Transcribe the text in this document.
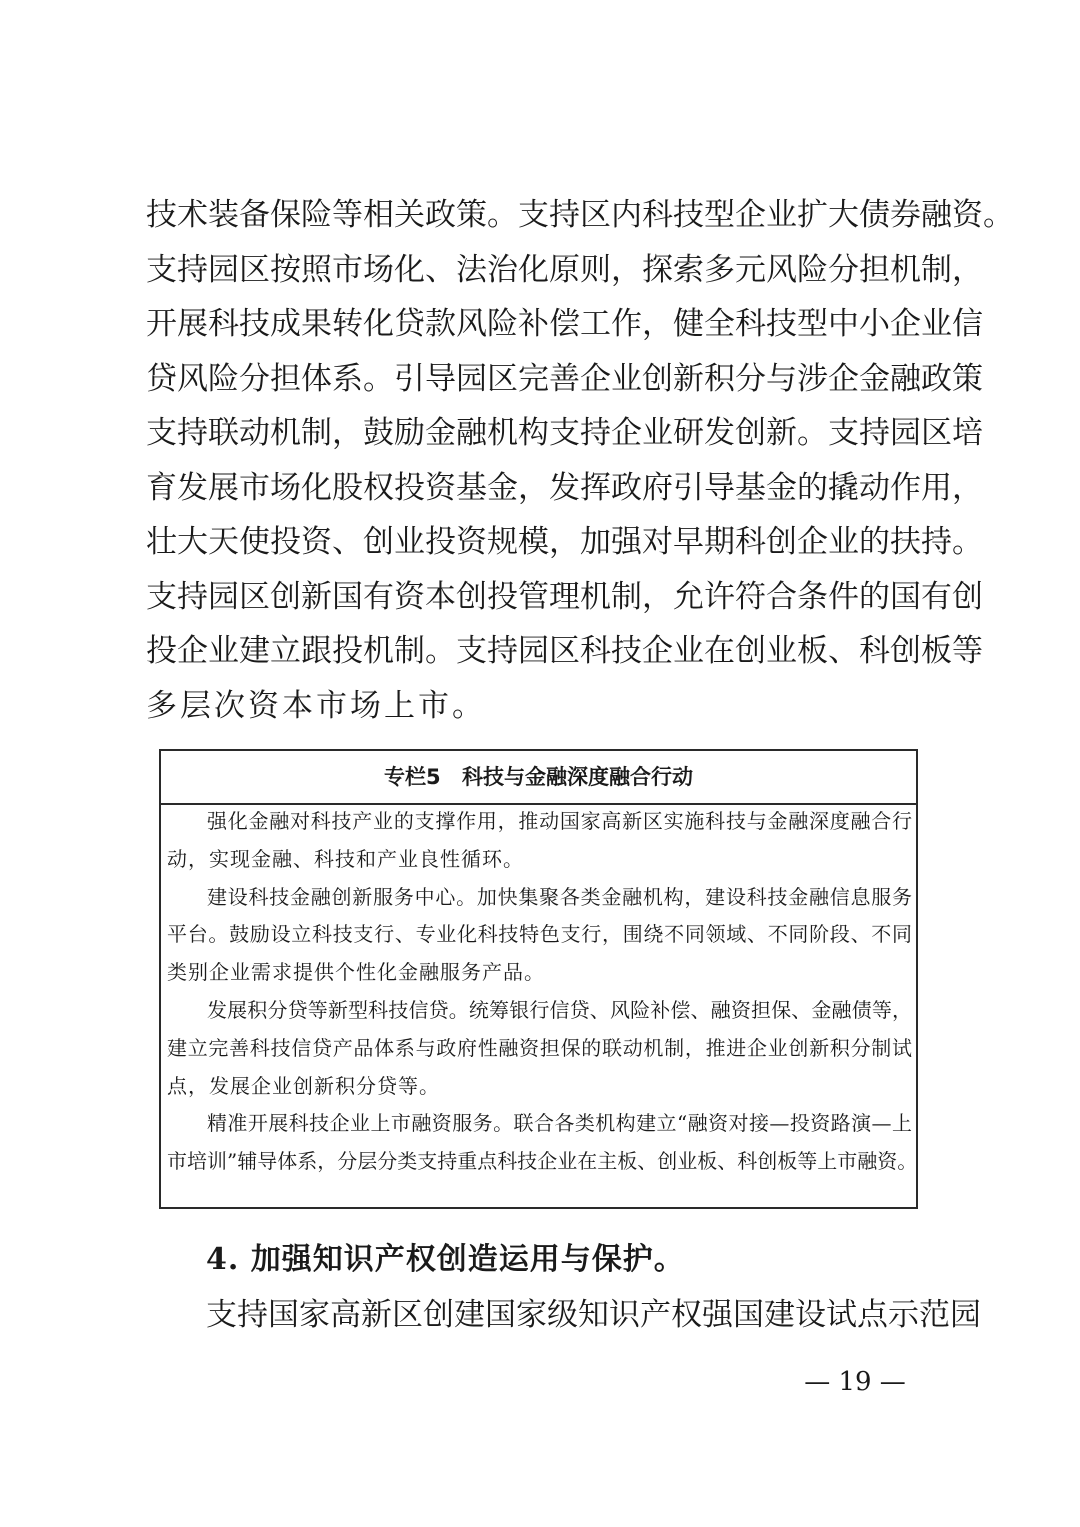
技术装备保险等相关政策。支持区内科技型企业扩大债券融资。
支持园区按照市场化、法治化原则，探索多元风险分担机制，
开展科技成果转化贷款风险补偿工作，健全科技型中小企业信
贷风险分担体系。引导园区完善企业创新积分与涉企金融政策
支持联动机制，鼓励金融机构支持企业研发创新。支持园区培
育发展市场化股权投资基金，发挥政府引导基金的撬动作用，
壮大天使投资、创业投资规模，加强对早期科创企业的扶持。
支持园区创新国有资本创投管理机制，允许符合条件的国有创
投企业建立跟投机制。支持园区科技企业在创业板、科创板等
多层次资本市场上市。
专栏5 科技与金融深度融合行动
强化金融对科技产业的支撑作用，推动国家高新区实施科技与金融深度融合行
动，实现金融、科技和产业良性循环。
建设科技金融创新服务中心。加快集聚各类金融机构，建设科技金融信息服务
平台。鼓励设立科技支行、专业化科技特色支行，围绕不同领域、不同阶段、不同
类别企业需求提供个性化金融服务产品。
发展积分贷等新型科技信贷。统筹银行信贷、风险补偿、融资担保、金融债等，
建立完善科技信贷产品体系与政府性融资担保的联动机制，推进企业创新积分制试
点，发展企业创新积分贷等。
精准开展科技企业上市融资服务。联合各类机构建立“融资对接—投资路演—上
市培训”辅导体系，分层分类支持重点科技企业在主板、创业板、科创板等上市融资。
4. 加强知识产权创造运用与保护。
支持国家高新区创建国家级知识产权强国建设试点示范园
— 19 —
